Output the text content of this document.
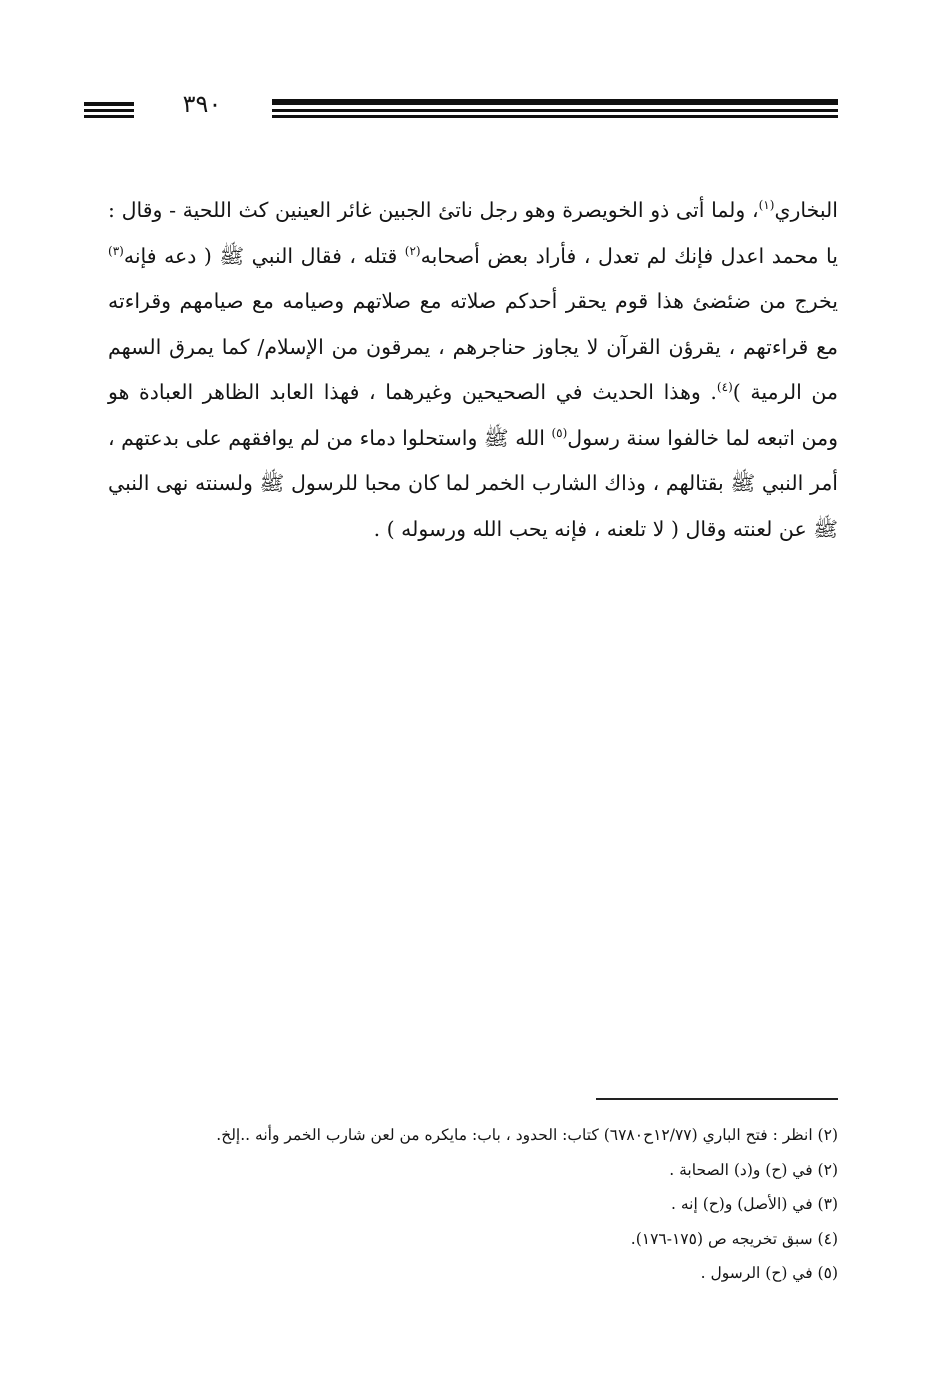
٣٩٠

البخاري$^{(١)}$، ولما أتى ذو الخويصرة وهو رجل ناتئ الجبين غائر العينين كث اللحية - وقال : يا محمد اعدل فإنك لم تعدل ، فأراد بعض أصحابه$^{(٢)}$ قتله ، فقال النبي ﷺ ( دعه فإنه$^{(٣)}$ يخرج من ضئضئ هذا قوم يحقر أحدكم صلاته مع صلاتهم وصيامه مع صيامهم وقراءته مع قراءتهم ، يقرؤن القرآن لا يجاوز حناجرهم ، يمرقون من الإسلام/ كما يمرق السهم من الرمية )$^{(٤)}$. وهذا الحديث في الصحيحين وغيرهما ، فهذا العابد الظاهر العبادة هو ومن اتبعه لما خالفوا سنة رسول$^{(٥)}$ الله ﷺ واستحلوا دماء من لم يوافقهم على بدعتهم ، أمر النبي ﷺ بقتالهم ، وذاك الشارب الخمر لما كان محبا للرسول ﷺ ولسنته نهى النبي ﷺ عن لعنته وقال ( لا تلعنه ، فإنه يحب الله ورسوله ) .

(٢) انظر : فتح الباري (١٢/٧٧ح٦٧٨٠) كتاب: الحدود ، باب: مايكره من لعن شارب الخمر وأنه ..إلخ.
(٢) في (ح) و(د) الصحابة .
(٣) في (الأصل) و(ح) إنه .
(٤) سبق تخريجه ص (١٧٥-١٧٦).
(٥) في (ح) الرسول .
